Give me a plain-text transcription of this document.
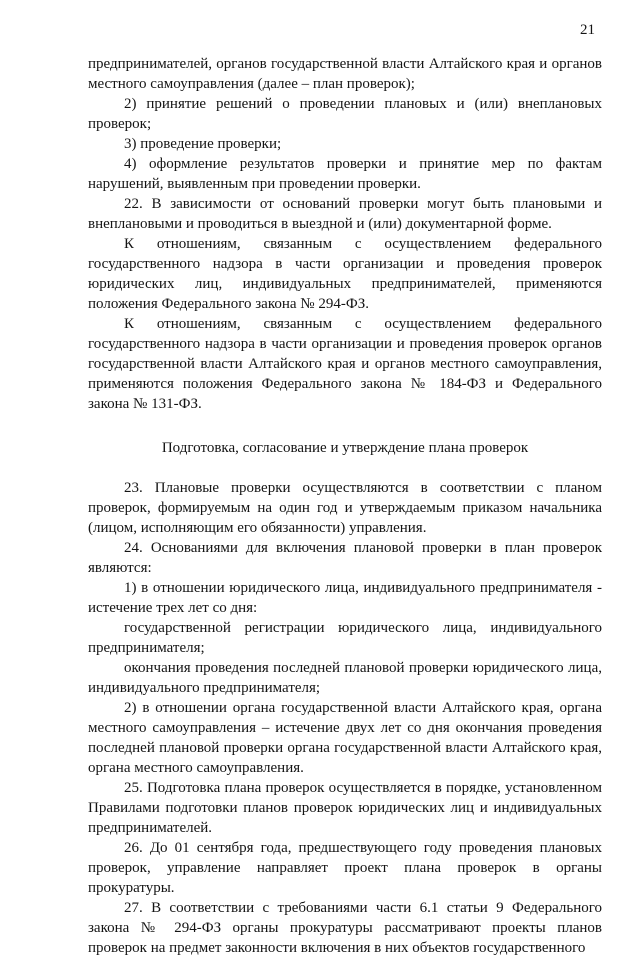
21

предпринимателей, органов государственной власти Алтайского края и органов местного самоуправления (далее – план проверок);

2) принятие решений о проведении плановых и (или) внеплановых проверок;

3) проведение проверки;

4) оформление результатов проверки и принятие мер по фактам нарушений, выявленным при проведении проверки.

22. В зависимости от оснований проверки могут быть плановыми и внеплановыми и проводиться в выездной и (или) документарной форме.

К отношениям, связанным с осуществлением федерального государственного надзора в части организации и проведения проверок юридических лиц, индивидуальных предпринимателей, применяются положения Федерального закона № 294-ФЗ.

К отношениям, связанным с осуществлением федерального государственного надзора в части организации и проведения проверок органов государственной власти Алтайского края и органов местного самоуправления, применяются положения Федерального закона № 184-ФЗ и Федерального закона № 131-ФЗ.

Подготовка, согласование и утверждение плана проверок

23. Плановые проверки осуществляются в соответствии с планом проверок, формируемым на один год и утверждаемым приказом начальника (лицом, исполняющим его обязанности) управления.

24. Основаниями для включения плановой проверки в план проверок являются:

1) в отношении юридического лица, индивидуального предпринимателя - истечение трех лет со дня:

государственной регистрации юридического лица, индивидуального предпринимателя;

окончания проведения последней плановой проверки юридического лица, индивидуального предпринимателя;

2) в отношении органа государственной власти Алтайского края, органа местного самоуправления – истечение двух лет со дня окончания проведения последней плановой проверки органа государственной власти Алтайского края, органа местного самоуправления.

25. Подготовка плана проверок осуществляется в порядке, установленном Правилами подготовки планов проверок юридических лиц и индивидуальных предпринимателей.

26. До 01 сентября года, предшествующего году проведения плановых проверок, управление направляет проект плана проверок в органы прокуратуры.

27. В соответствии с требованиями части 6.1 статьи 9 Федерального закона № 294-ФЗ органы прокуратуры рассматривают проекты планов проверок на предмет законности включения в них объектов государственного
